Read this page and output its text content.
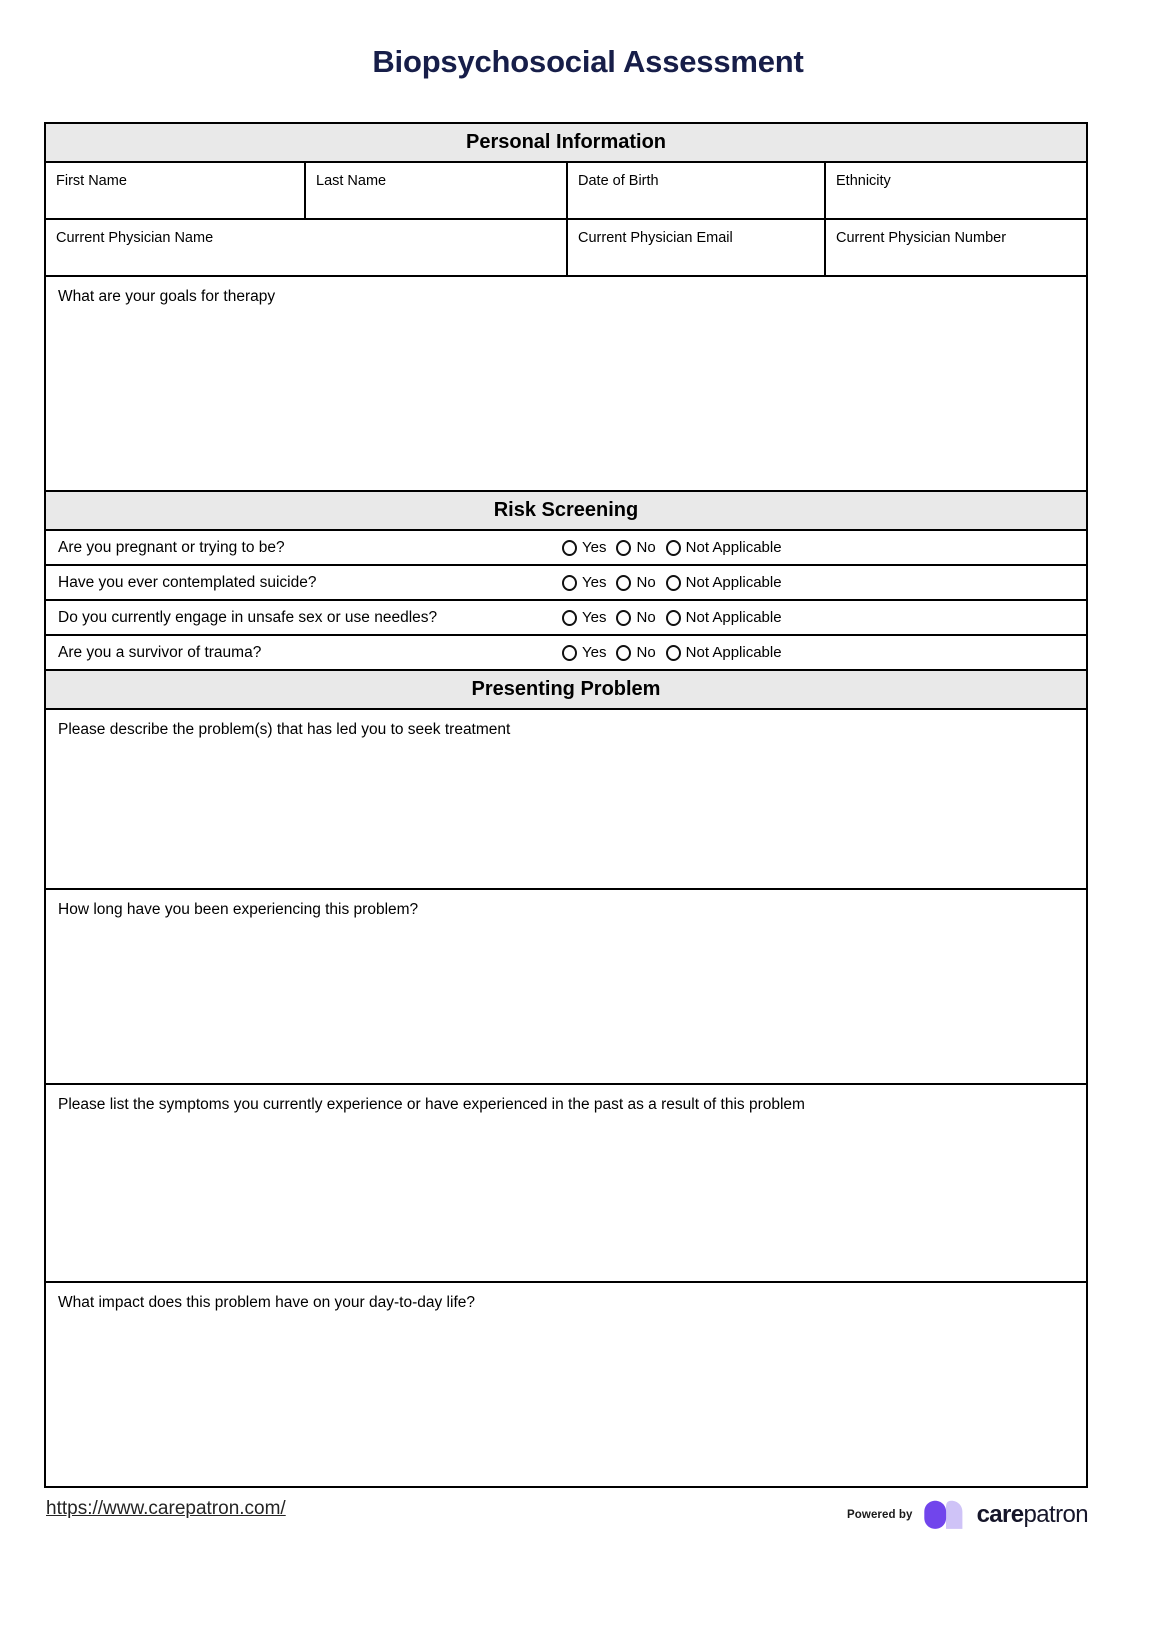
Biopsychosocial Assessment
Personal Information
First Name	Last Name	Date of Birth	Ethnicity
Current Physician Name	Current Physician Email	Current Physician Number
What are your goals for therapy
Risk Screening
Are you pregnant or trying to be?	Yes No Not Applicable
Have you ever contemplated suicide?	Yes No Not Applicable
Do you currently engage in unsafe sex or use needles?	Yes No Not Applicable
Are you a survivor of trauma?	Yes No Not Applicable
Presenting Problem
Please describe the problem(s) that has led you to seek treatment
How long have you been experiencing this problem?
Please list the symptoms you currently experience or have experienced in the past as a result of this problem
What impact does this problem have on your day-to-day life?
https://www.carepatron.com/	Powered by	carepatron
